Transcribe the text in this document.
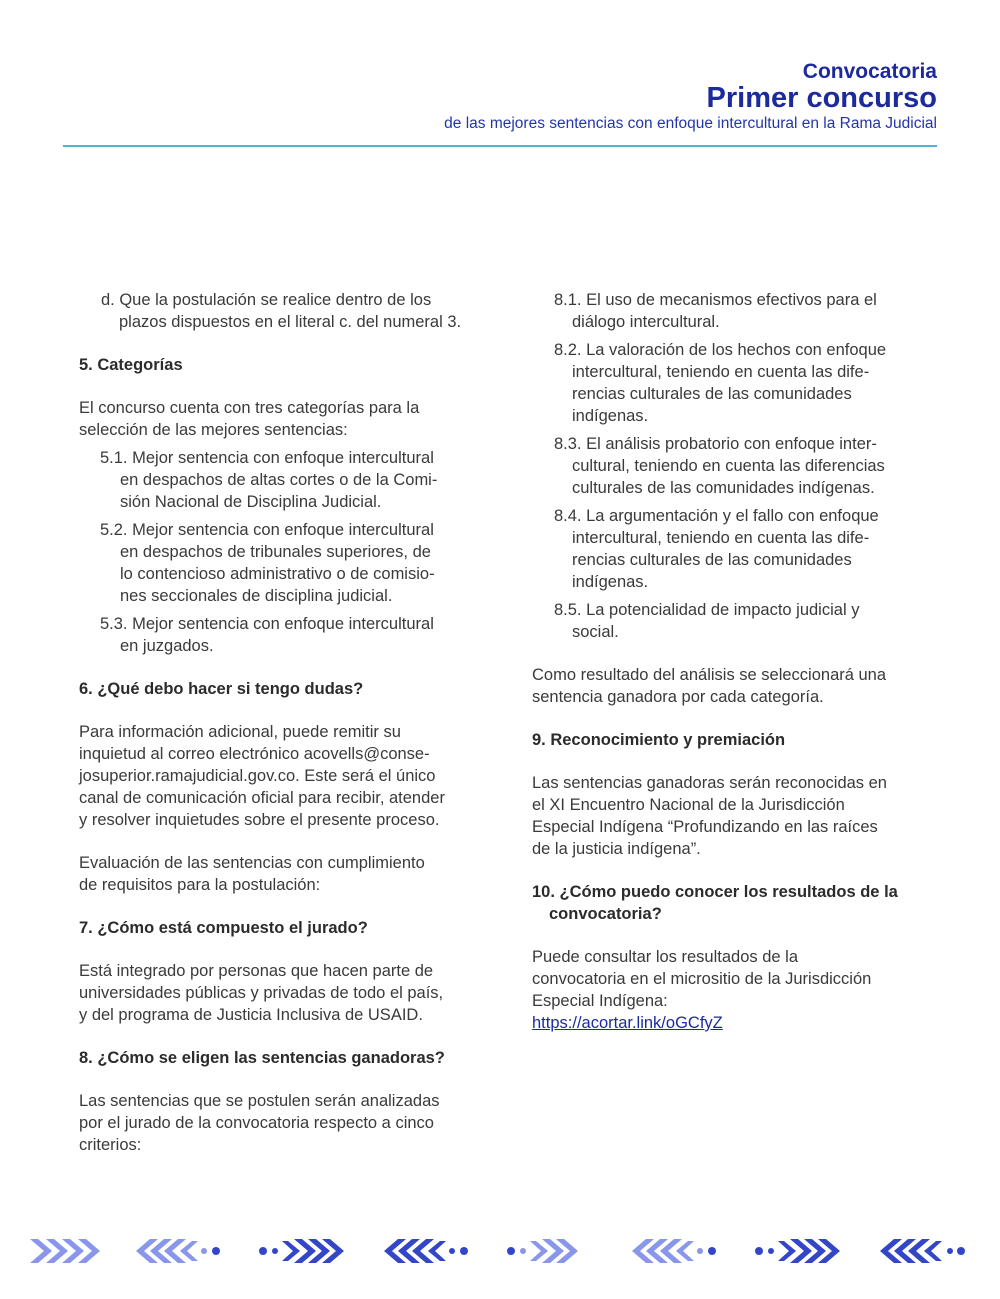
Convocatoria
Primer concurso
de las mejores sentencias con enfoque intercultural en la Rama Judicial

d. Que la postulación se realice dentro de los

plazos dispuestos en el literal c. del numeral 3.

5. Categorías

El concurso cuenta con tres categorías para la

selección de las mejores sentencias:

5.1. Mejor sentencia con enfoque intercultural

en despachos de altas cortes o de la Comi-

sión Nacional de Disciplina Judicial.

5.2. Mejor sentencia con enfoque intercultural

en despachos de tribunales superiores, de

lo contencioso administrativo o de comisio-

nes seccionales de disciplina judicial.

5.3. Mejor sentencia con enfoque intercultural

en juzgados.

6. ¿Qué debo hacer si tengo dudas?

Para información adicional, puede remitir su

inquietud al correo electrónico acovells@conse-

josuperior.ramajudicial.gov.co. Este será el único

canal de comunicación oficial para recibir, atender

y resolver inquietudes sobre el presente proceso.

Evaluación de las sentencias con cumplimiento

de requisitos para la postulación:

7. ¿Cómo está compuesto el jurado?

Está integrado por personas que hacen parte de

universidades públicas y privadas de todo el país,

y del programa de Justicia Inclusiva de USAID.

8. ¿Cómo se eligen las sentencias ganadoras?

Las sentencias que se postulen serán analizadas

por el jurado de la convocatoria respecto a cinco

criterios:

8.1. El uso de mecanismos efectivos para el

diálogo intercultural.

8.2. La valoración de los hechos con enfoque

intercultural, teniendo en cuenta las dife-

rencias culturales de las comunidades

indígenas.

8.3. El análisis probatorio con enfoque inter-

cultural, teniendo en cuenta las diferencias

culturales de las comunidades indígenas.

8.4. La argumentación y el fallo con enfoque

intercultural, teniendo en cuenta las dife-

rencias culturales de las comunidades

indígenas.

8.5. La potencialidad de impacto judicial y

social.

Como resultado del análisis se seleccionará una

sentencia ganadora por cada categoría.

9. Reconocimiento y premiación

Las sentencias ganadoras serán reconocidas en

el XI Encuentro Nacional de la Jurisdicción

Especial Indígena “Profundizando en las raíces

de la justicia indígena”.

10. ¿Cómo puedo conocer los resultados de la

convocatoria?

Puede consultar los resultados de la

convocatoria en el micrositio de la Jurisdicción

Especial Indígena:

https://acortar.link/oGCfyZ
